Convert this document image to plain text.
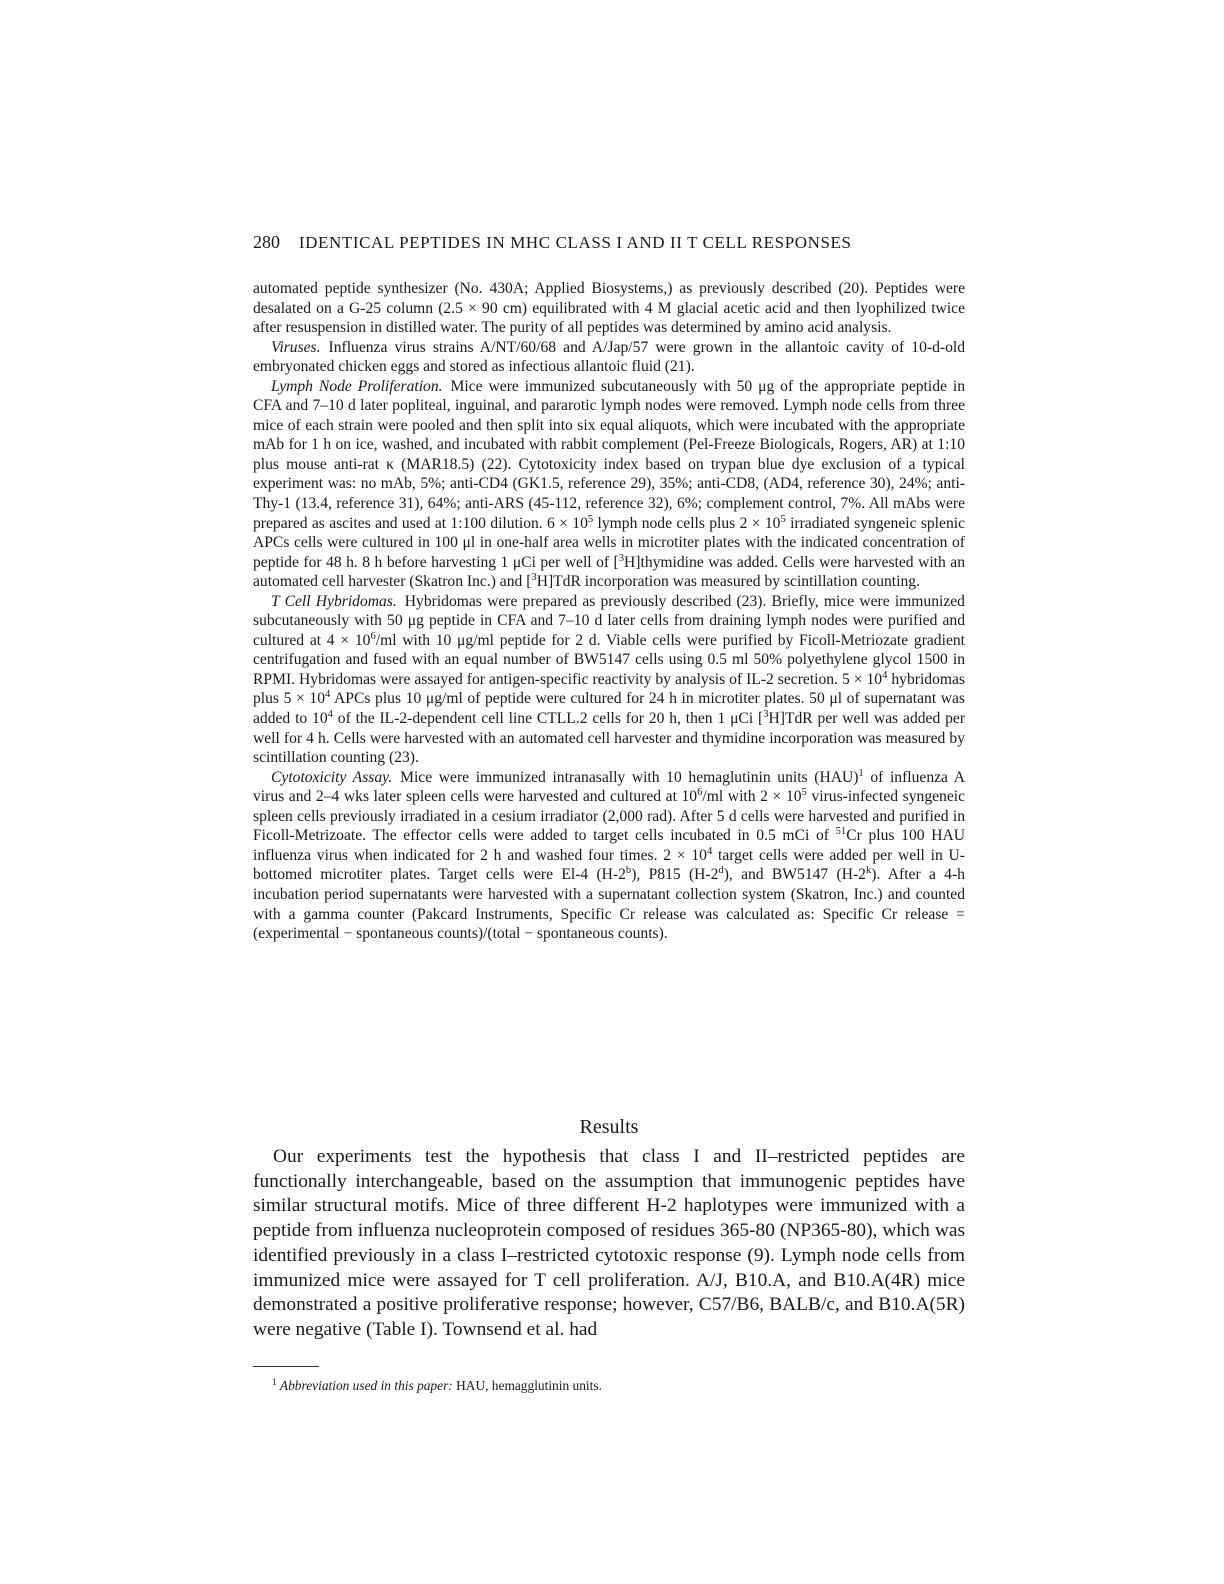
280 IDENTICAL PEPTIDES IN MHC CLASS I AND II T CELL RESPONSES

automated peptide synthesizer (No. 430A; Applied Biosystems,) as previously described (20). Peptides were desalated on a G-25 column (2.5 × 90 cm) equilibrated with 4 M glacial acetic acid and then lyophilized twice after resuspension in distilled water. The purity of all peptides was determined by amino acid analysis.

Viruses. Influenza virus strains A/NT/60/68 and A/Jap/57 were grown in the allantoic cavity of 10-d-old embryonated chicken eggs and stored as infectious allantoic fluid (21).

Lymph Node Proliferation. Mice were immunized subcutaneously with 50 μg of the appropriate peptide in CFA and 7–10 d later popliteal, inguinal, and pararotic lymph nodes were removed. Lymph node cells from three mice of each strain were pooled and then split into six equal aliquots, which were incubated with the appropriate mAb for 1 h on ice, washed, and incubated with rabbit complement (Pel-Freeze Biologicals, Rogers, AR) at 1:10 plus mouse anti-rat κ (MAR18.5) (22). Cytotoxicity index based on trypan blue dye exclusion of a typical experiment was: no mAb, 5%; anti-CD4 (GK1.5, reference 29), 35%; anti-CD8, (AD4, reference 30), 24%; anti-Thy-1 (13.4, reference 31), 64%; anti-ARS (45-112, reference 32), 6%; complement control, 7%. All mAbs were prepared as ascites and used at 1:100 dilution. $6 \times 10^5$ lymph node cells plus $2 \times 10^5$ irradiated syngeneic splenic APCs cells were cultured in 100 μl in one-half area wells in microtiter plates with the indicated concentration of peptide for 48 h. 8 h before harvesting 1 μCi per well of [$^3$H]thymidine was added. Cells were harvested with an automated cell harvester (Skatron Inc.) and [$^3$H]TdR incorporation was measured by scintillation counting.

T Cell Hybridomas. Hybridomas were prepared as previously described (23). Briefly, mice were immunized subcutaneously with 50 μg peptide in CFA and 7–10 d later cells from draining lymph nodes were purified and cultured at $4 \times 10^6/ml$ with 10 μg/ml peptide for 2 d. Viable cells were purified by Ficoll-Metriozate gradient centrifugation and fused with an equal number of BW5147 cells using 0.5 ml 50% polyethylene glycol 1500 in RPMI. Hybridomas were assayed for antigen-specific reactivity by analysis of IL-2 secretion. $5 \times 10^4$ hybridomas plus $5 \times 10^4$ APCs plus 10 μg/ml of peptide were cultured for 24 h in microtiter plates. 50 μl of supernatant was added to $10^4$ of the IL-2-dependent cell line CTLL.2 cells for 20 h, then 1 μCi [$^3$H]TdR per well was added per well for 4 h. Cells were harvested with an automated cell harvester and thymidine incorporation was measured by scintillation counting (23).

Cytotoxicity Assay. Mice were immunized intranasally with 10 hemaglutinin units (HAU)$^1$ of influenza A virus and 2–4 wks later spleen cells were harvested and cultured at $10^6/ml$ with $2 \times 10^5$ virus-infected syngeneic spleen cells previously irradiated in a cesium irradiator (2,000 rad). After 5 d cells were harvested and purified in Ficoll-Metrizoate. The effector cells were added to target cells incubated in 0.5 mCi of $^{51}$Cr plus 100 HAU influenza virus when indicated for 2 h and washed four times. $2 \times 10^4$ target cells were added per well in U-bottomed microtiter plates. Target cells were El-4 (H-2$^b$), P815 (H-2$^d$), and BW5147 (H-2$^k$). After a 4-h incubation period supernatants were harvested with a supernatant collection system (Skatron, Inc.) and counted with a gamma counter (Pakcard Instruments, Specific Cr release was calculated as: Specific Cr release = (experimental − spontaneous counts)/(total − spontaneous counts).

Results

Our experiments test the hypothesis that class I and II–restricted peptides are functionally interchangeable, based on the assumption that immunogenic peptides have similar structural motifs. Mice of three different H-2 haplotypes were immunized with a peptide from influenza nucleoprotein composed of residues 365-80 (NP365-80), which was identified previously in a class I–restricted cytotoxic response (9). Lymph node cells from immunized mice were assayed for T cell proliferation. A/J, B10.A, and B10.A(4R) mice demonstrated a positive proliferative response; however, C57/B6, BALB/c, and B10.A(5R) were negative (Table I). Townsend et al. had

$^1$ Abbreviation used in this paper: HAU, hemagglutinin units.
